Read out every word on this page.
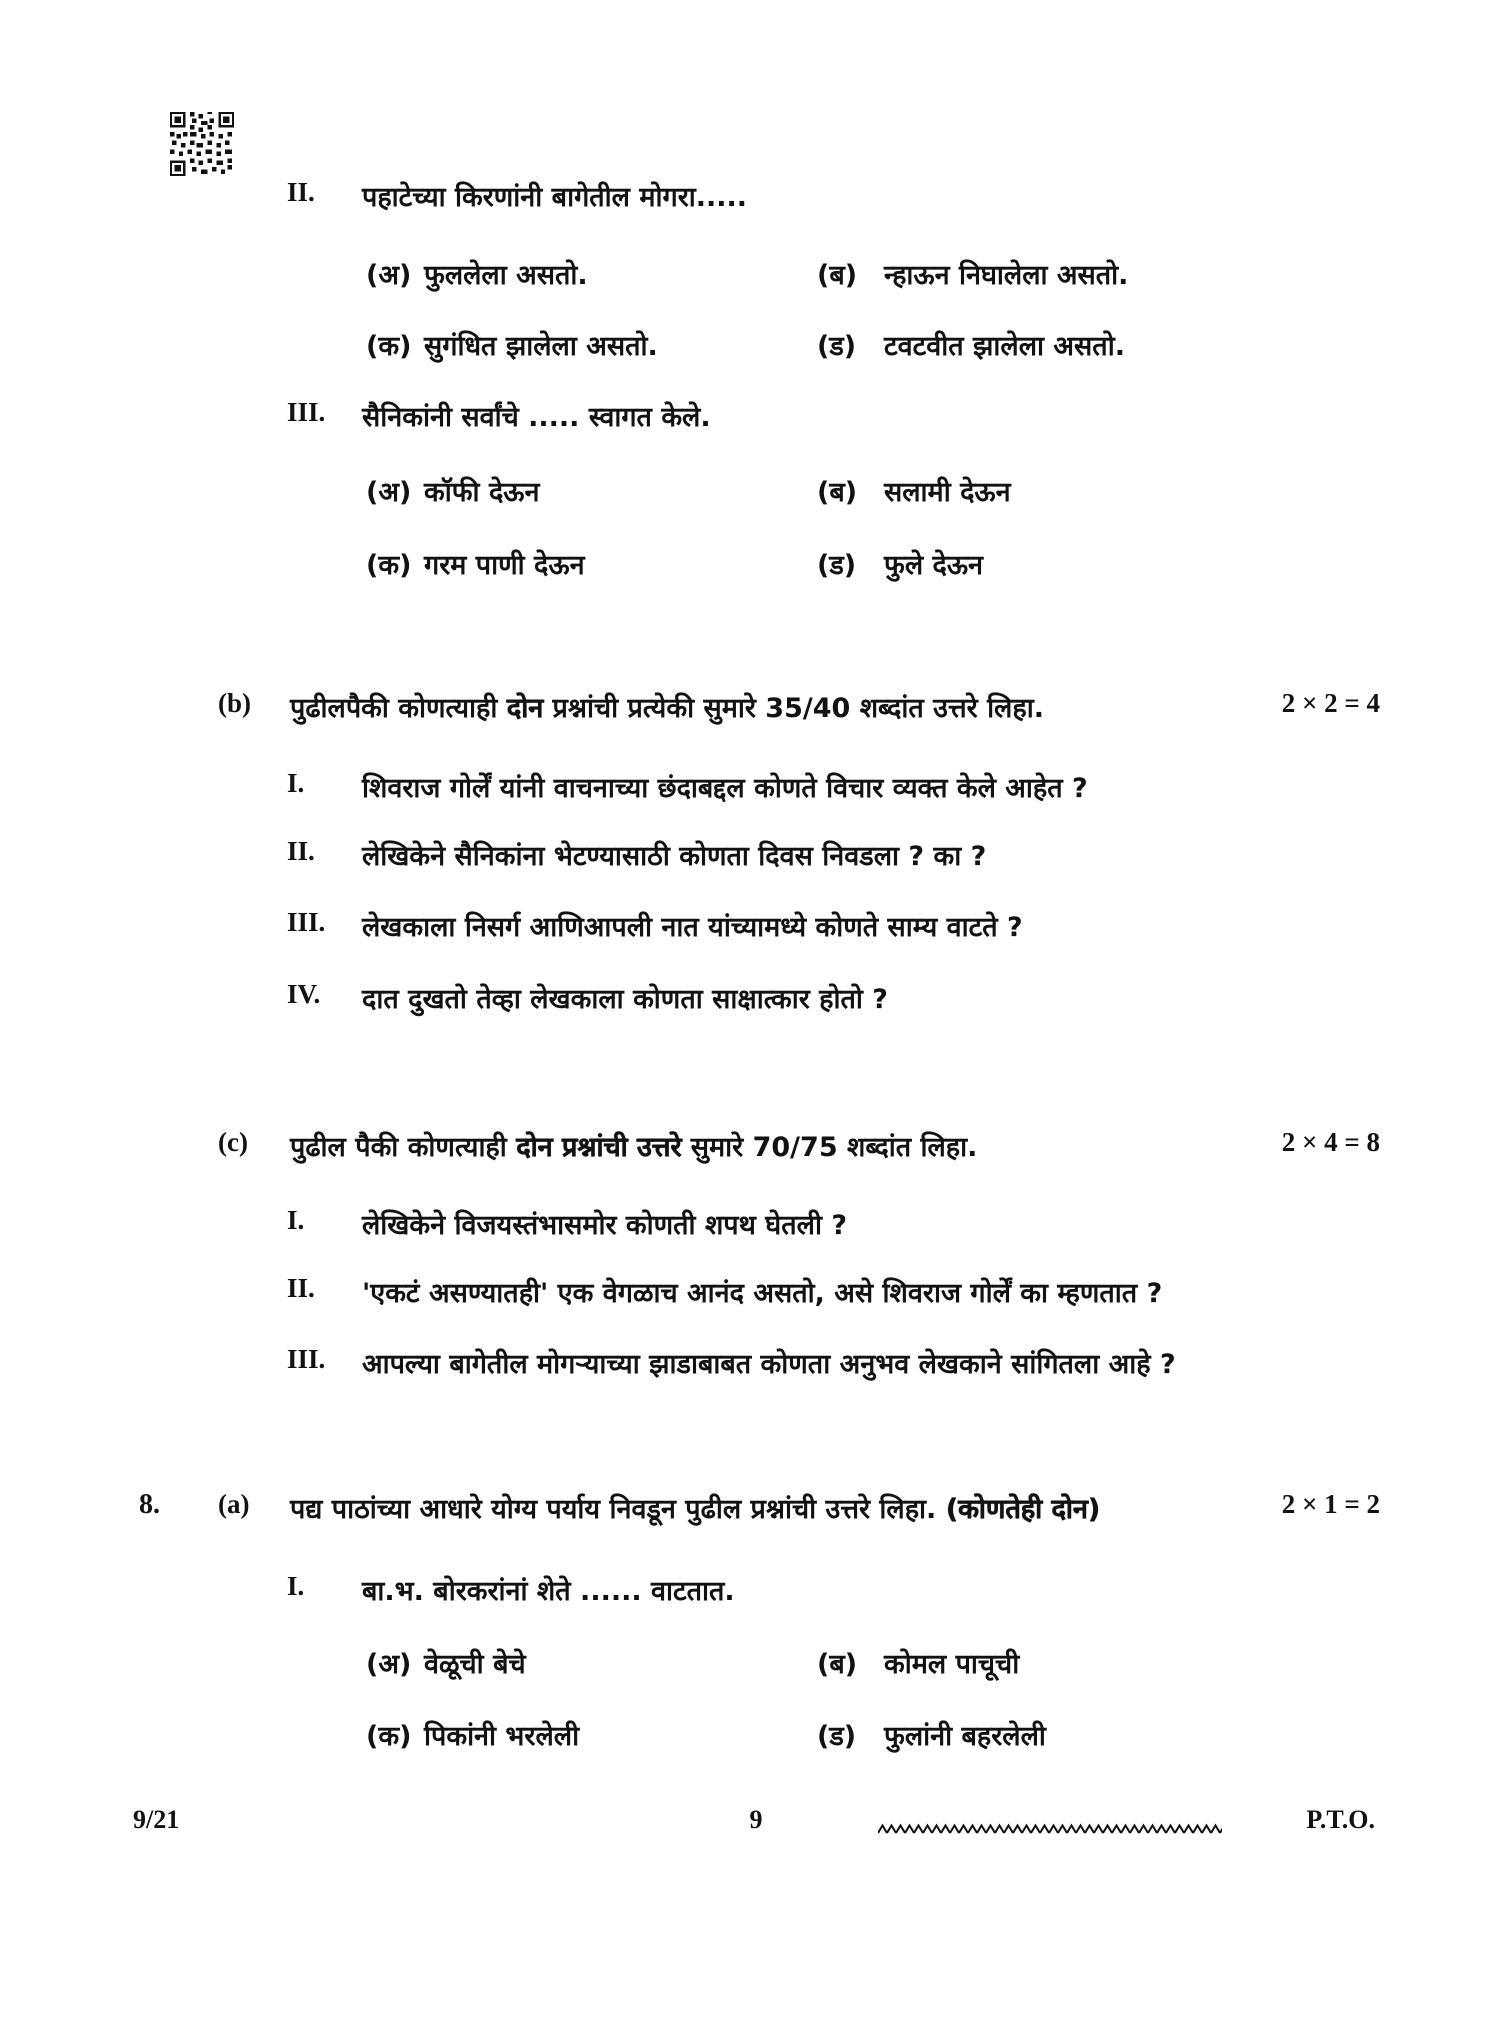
II. पहाटेच्या किरणांनी बागेतील मोगरा.....
(अ) फुललेला असतो.	(ब) न्हाऊन निघालेला असतो.
(क) सुगंधित झालेला असतो.	(ड) टवटवीत झालेला असतो.
III. सैनिकांनी सर्वांचे ..... स्वागत केले.
(अ) कॉफी देऊन	(ब) सलामी देऊन
(क) गरम पाणी देऊन	(ड) फुले देऊन
(b) पुढीलपैकी कोणत्याही दोन प्रश्नांची प्रत्येकी सुमारे 35/40 शब्दांत उत्तरे लिहा.	2 × 2 = 4
I. शिवराज गोर्लें यांनी वाचनाच्या छंदाबद्दल कोणते विचार व्यक्त केले आहेत ?
II. लेखिकेने सैनिकांना भेटण्यासाठी कोणता दिवस निवडला ? का ?
III. लेखकाला निसर्ग आणिआपली नात यांच्यामध्ये कोणते साम्य वाटते ?
IV. दात दुखतो तेव्हा लेखकाला कोणता साक्षात्कार होतो ?
(c) पुढील पैकी कोणत्याही दोन प्रश्नांची उत्तरे सुमारे 70/75 शब्दांत लिहा.	2 × 4 = 8
I. लेखिकेने विजयस्तंभासमोर कोणती शपथ घेतली ?
II. 'एकटं असण्यातही' एक वेगळाच आनंद असतो, असे शिवराज गोर्लें का म्हणतात ?
III. आपल्या बागेतील मोगऱ्याच्या झाडाबाबत कोणता अनुभव लेखकाने सांगितला आहे ?
8. (a) पद्य पाठांच्या आधारे योग्य पर्याय निवडून पुढील प्रश्नांची उत्तरे लिहा. (कोणतेही दोन)	2 × 1 = 2
I. बा.भ. बोरकरांनां शेते ...... वाटतात.
(अ) वेळूची बेचे	(ब) कोमल पाचूची
(क) पिकांनी भरलेली	(ड) फुलांनी बहरलेली
9/21	9	P.T.O.
